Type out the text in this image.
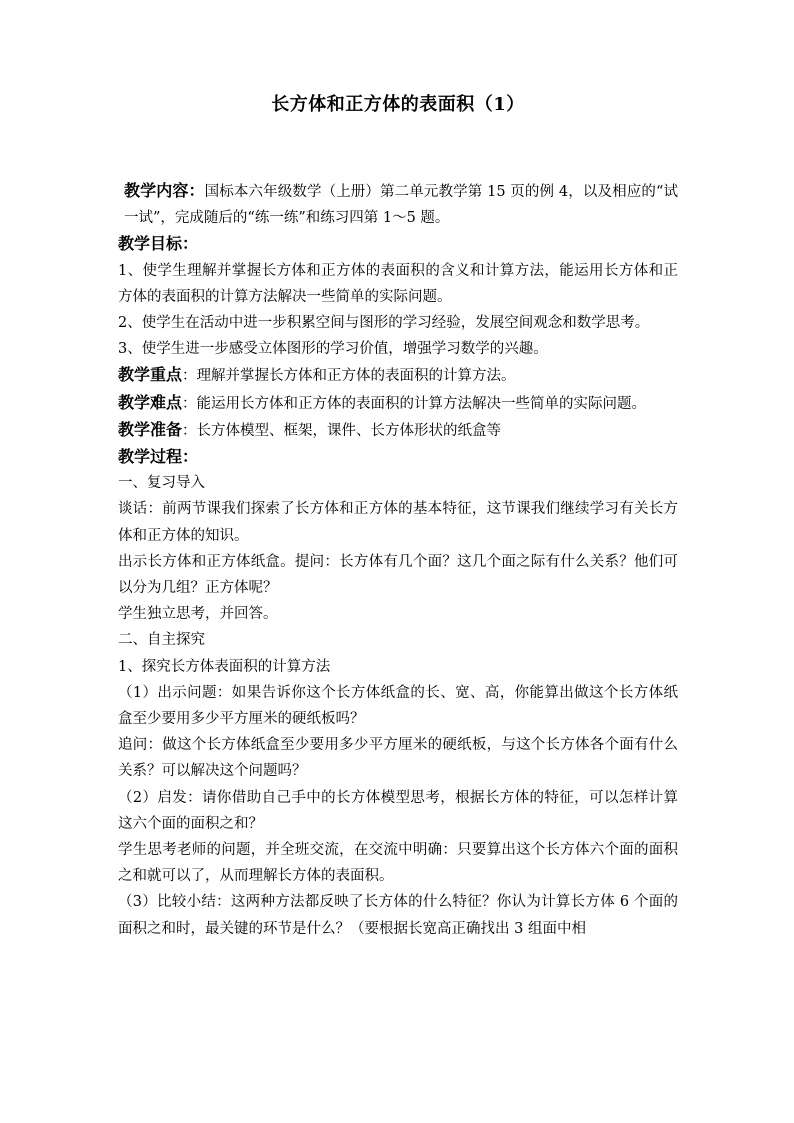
长方体和正方体的表面积（1）

教学内容：国标本六年级数学（上册）第二单元教学第 15 页的例 4，以及相应的“试一试”，完成随后的“练一练”和练习四第 1～5 题。

教学目标：

1、使学生理解并掌握长方体和正方体的表面积的含义和计算方法，能运用长方体和正方体的表面积的计算方法解决一些简单的实际问题。

2、使学生在活动中进一步积累空间与图形的学习经验，发展空间观念和数学思考。

3、使学生进一步感受立体图形的学习价值，增强学习数学的兴趣。

教学重点：理解并掌握长方体和正方体的表面积的计算方法。

教学难点：能运用长方体和正方体的表面积的计算方法解决一些简单的实际问题。

教学准备：长方体模型、框架，课件、长方体形状的纸盒等

教学过程：

一、复习导入

谈话：前两节课我们探索了长方体和正方体的基本特征，这节课我们继续学习有关长方体和正方体的知识。

出示长方体和正方体纸盒。提问：长方体有几个面？这几个面之际有什么关系？他们可以分为几组？正方体呢？

学生独立思考，并回答。

二、自主探究

1、探究长方体表面积的计算方法

（1）出示问题：如果告诉你这个长方体纸盒的长、宽、高，你能算出做这个长方体纸盒至少要用多少平方厘米的硬纸板吗？

追问：做这个长方体纸盒至少要用多少平方厘米的硬纸板，与这个长方体各个面有什么关系？可以解决这个问题吗？

（2）启发：请你借助自己手中的长方体模型思考，根据长方体的特征，可以怎样计算这六个面的面积之和？

学生思考老师的问题，并全班交流，在交流中明确：只要算出这个长方体六个面的面积之和就可以了，从而理解长方体的表面积。

（3）比较小结：这两种方法都反映了长方体的什么特征？你认为计算长方体 6 个面的面积之和时，最关键的环节是什么？（要根据长宽高正确找出 3 组面中相
